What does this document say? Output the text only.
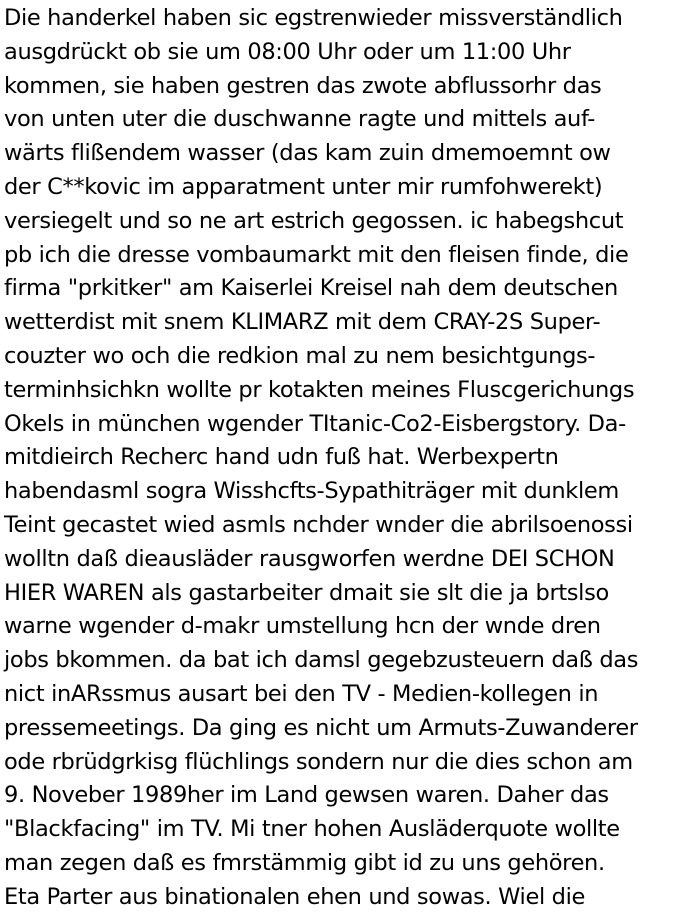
Die handerkel haben sic egstrenwieder missverständlich
ausgdrückt ob sie um 08:00 Uhr oder um 11:00 Uhr
kommen, sie haben gestren das zwote abflussorhr das
von unten uter die duschwanne ragte und mittels auf-
wärts flißendem wasser (das kam zuin dmemoemnt ow
der C**kovic im apparatment unter mir rumfohwerekt)
versiegelt und so ne art estrich gegossen. ic habegshcut
pb ich die dresse vombaumarkt mit den fleisen finde, die
firma "prkitker" am Kaiserlei Kreisel nah dem deutschen
wetterdist mit snem KLIMARZ mit dem CRAY-2S Super-
couzter wo och die redkion mal zu nem besichtgungs-
terminhsichkn wollte pr kotakten meines Fluscgerichungs
Okels in münchen wgender TItanic-Co2-Eisbergstory. Da-
mitdieirch Recherc hand udn fuß hat. Werbexpertn
habendasml sogra Wisshcfts-Sypathiträger mit dunklem
Teint gecastet wied asmls nchder wnder die abrilsoenossi
wolltn daß dieausläder rausgworfen werdne DEI SCHON
HIER WAREN als gastarbeiter dmait sie slt die ja brtslso
warne wgender d-makr umstellung hcn der wnde dren
jobs bkommen. da bat ich damsl gegebzusteuern daß das
nict inARssmus ausart bei den TV - Medien-kollegen in
pressemeetings. Da ging es nicht um Armuts-Zuwanderer
ode rbrüdgrkisg flüchlings sondern nur die dies schon am
9. Novеber 1989her im Land gewsen waren. Daher das
"Blackfacing" im TV. Mi tner hohen Ausläderquote wollte
man zegen daß es fmrstämmig gibt id zu uns gehören.
Eta Parter aus binationalen ehen und sowas. Wiel die
